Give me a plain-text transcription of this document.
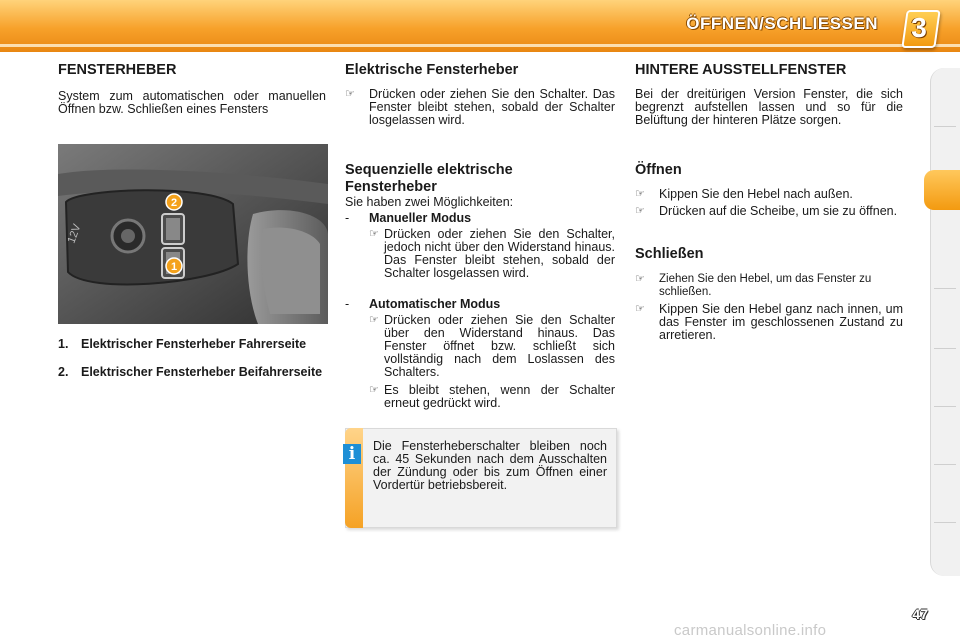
ÖFFNEN/SCHLIESSEN 3
FENSTERHEBER
System zum automatischen oder manuellen Öffnen bzw. Schließen eines Fensters
2
1
12V
1. Elektrischer Fensterheber Fahrerseite
2. Elektrischer Fensterheber Beifahrerseite
Elektrische Fensterheber
☞ Drücken oder ziehen Sie den Schalter. Das Fenster bleibt stehen, sobald der Schalter losgelassen wird.
Sequenzielle elektrische Fensterheber
Sie haben zwei Möglichkeiten:
-	Manueller Modus
☞ Drücken oder ziehen Sie den Schalter, jedoch nicht über den Widerstand hinaus. Das Fenster bleibt stehen, sobald der Schalter losgelassen wird.
-	Automatischer Modus
☞ Drücken oder ziehen Sie den Schalter über den Widerstand hinaus. Das Fenster öffnet bzw. schließt sich vollständig nach dem Loslassen des Schalters.
☞ Es bleibt stehen, wenn der Schalter erneut gedrückt wird.
i	Die Fensterheberschalter bleiben noch ca. 45 Sekunden nach dem Ausschalten der Zündung oder bis zum Öffnen einer Vordertür betriebsbereit.
HINTERE AUSSTELLFENSTER
Bei der dreitürigen Version Fenster, die sich begrenzt aufstellen lassen und so für die Belüftung der hinteren Plätze sorgen.
Öffnen
☞ Kippen Sie den Hebel nach außen.
☞ Drücken auf die Scheibe, um sie zu öffnen.
Schließen
☞ Ziehen Sie den Hebel, um das Fenster zu schließen.
☞ Kippen Sie den Hebel ganz nach innen, um das Fenster im geschlossenen Zustand zu arretieren.
47
carmanualsonline.info
